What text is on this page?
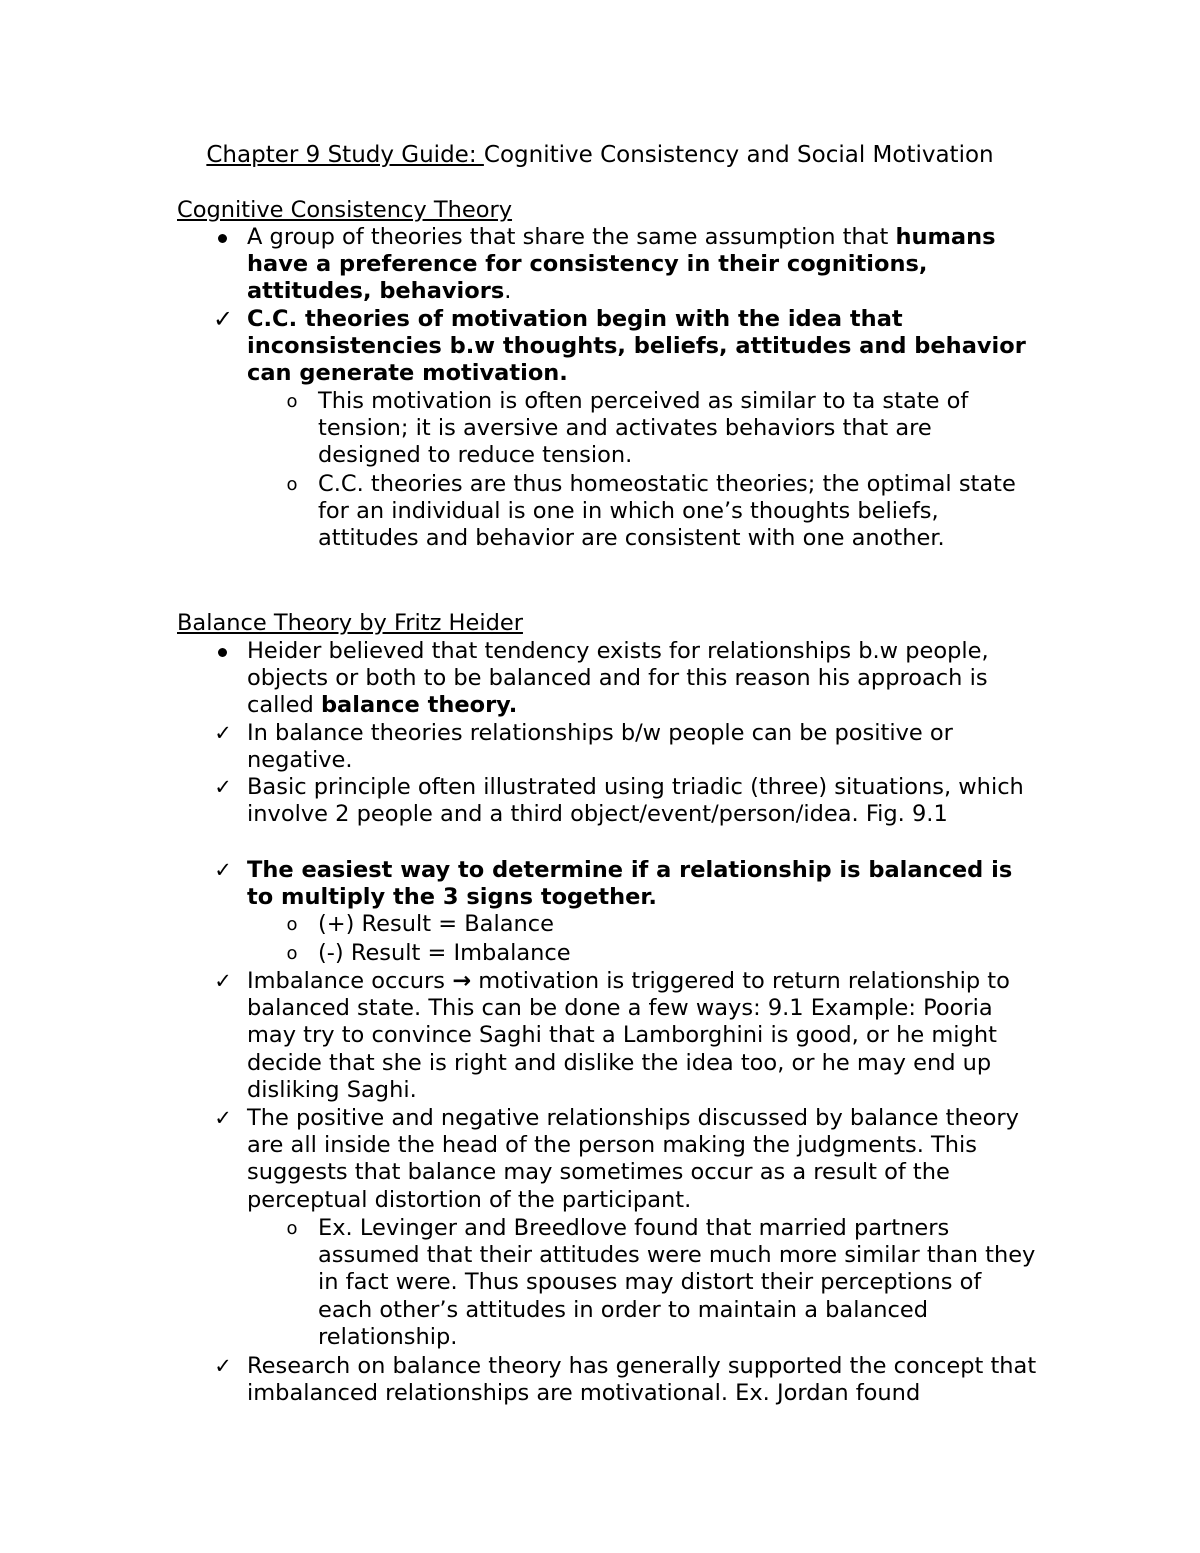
Chapter 9 Study Guide: Cognitive Consistency and Social Motivation
Cognitive Consistency Theory
A group of theories that share the same assumption that humans have a preference for consistency in their cognitions, attitudes, behaviors.
✓ C.C. theories of motivation begin with the idea that inconsistencies b.w thoughts, beliefs, attitudes and behavior can generate motivation.
o This motivation is often perceived as similar to ta state of tension; it is aversive and activates behaviors that are designed to reduce tension.
o C.C. theories are thus homeostatic theories; the optimal state for an individual is one in which one’s thoughts beliefs, attitudes and behavior are consistent with one another.
Balance Theory by Fritz Heider
Heider believed that tendency exists for relationships b.w people, objects or both to be balanced and for this reason his approach is called balance theory.
✓ In balance theories relationships b/w people can be positive or negative.
✓ Basic principle often illustrated using triadic (three) situations, which involve 2 people and a third object/event/person/idea. Fig. 9.1
✓ The easiest way to determine if a relationship is balanced is to multiply the 3 signs together.
o (+) Result = Balance
o (-) Result = Imbalance
✓ Imbalance occurs → motivation is triggered to return relationship to balanced state. This can be done a few ways: 9.1 Example: Pooria may try to convince Saghi that a Lamborghini is good, or he might decide that she is right and dislike the idea too, or he may end up disliking Saghi.
✓ The positive and negative relationships discussed by balance theory are all inside the head of the person making the judgments. This suggests that balance may sometimes occur as a result of the perceptual distortion of the participant.
o Ex. Levinger and Breedlove found that married partners assumed that their attitudes were much more similar than they in fact were. Thus spouses may distort their perceptions of each other’s attitudes in order to maintain a balanced relationship.
✓ Research on balance theory has generally supported the concept that imbalanced relationships are motivational. Ex. Jordan found
